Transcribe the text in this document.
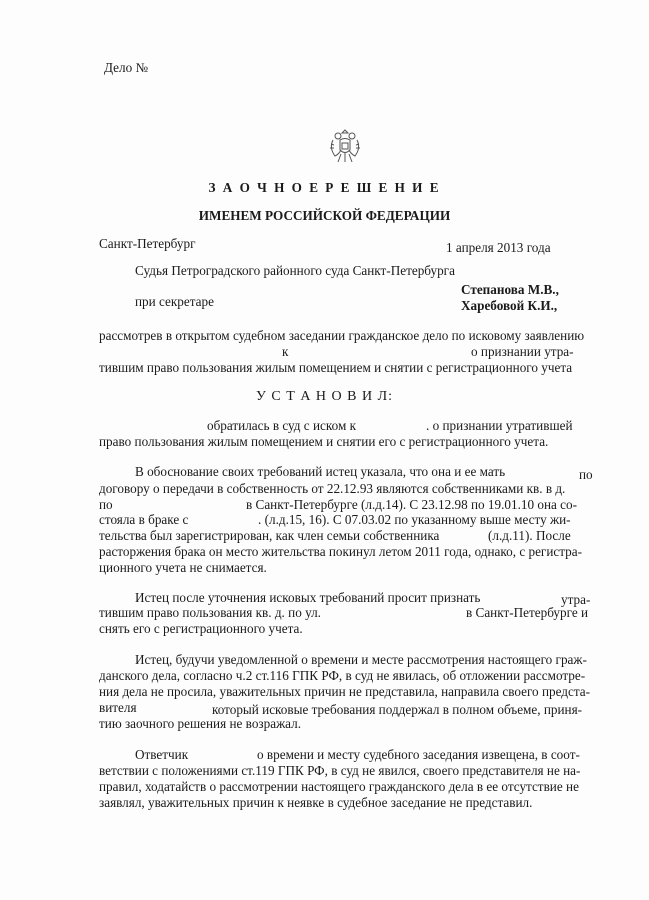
Дело №
З А О Ч Н О Е Р Е Ш Е Н И Е
ИМЕНЕМ РОССИЙСКОЙ ФЕДЕРАЦИИ
Санкт-Петербург	1 апреля 2013 года
Судья Петроградского районного суда Санкт-Петербурга
Степанова М.В.,
при секретаре	Харебовой К.И.,
рассмотрев в открытом судебном заседании гражданское дело по исковому заявлению
к	о признании утра-
тившим право пользования жилым помещением и снятии с регистрационного учета
У С Т А Н О В И Л:
обратилась в суд с иском к	. о признании утратившей
право пользования жилым помещением и снятии его с регистрационного учета.
В обоснование своих требований истец указала, что она и ее мать	по
договору о передачи в собственность от 22.12.93 являются собственниками кв. в д.
по	в Санкт-Петербурге (л.д.14). С 23.12.98 по 19.01.10 она со-
стояла в браке с	. (л.д.15, 16). С 07.03.02 по указанному выше месту жи-
тельства был зарегистрирован, как член семьи собственника	(л.д.11). После
расторжения брака он место жительства покинул летом 2011 года, однако, с регистра-
ционного учета не снимается.
Истец после уточнения исковых требований просит признать	утра-
тившим право пользования кв. д. по ул.	в Санкт-Петербурге и
снять его с регистрационного учета.
Истец, будучи уведомленной о времени и месте рассмотрения настоящего граж-
данского дела, согласно ч.2 ст.116 ГПК РФ, в суд не явилась, об отложении рассмотре-
ния дела не просила, уважительных причин не представила, направила своего предста-
вителя	который исковые требования поддержал в полном объеме, приня-
тию заочного решения не возражал.
Ответчик	о времени и месту судебного заседания извещена, в соот-
ветствии с положениями ст.119 ГПК РФ, в суд не явился, своего представителя не на-
правил, ходатайств о рассмотрении настоящего гражданского дела в ее отсутствие не
заявлял, уважительных причин к неявке в судебное заседание не представил.
